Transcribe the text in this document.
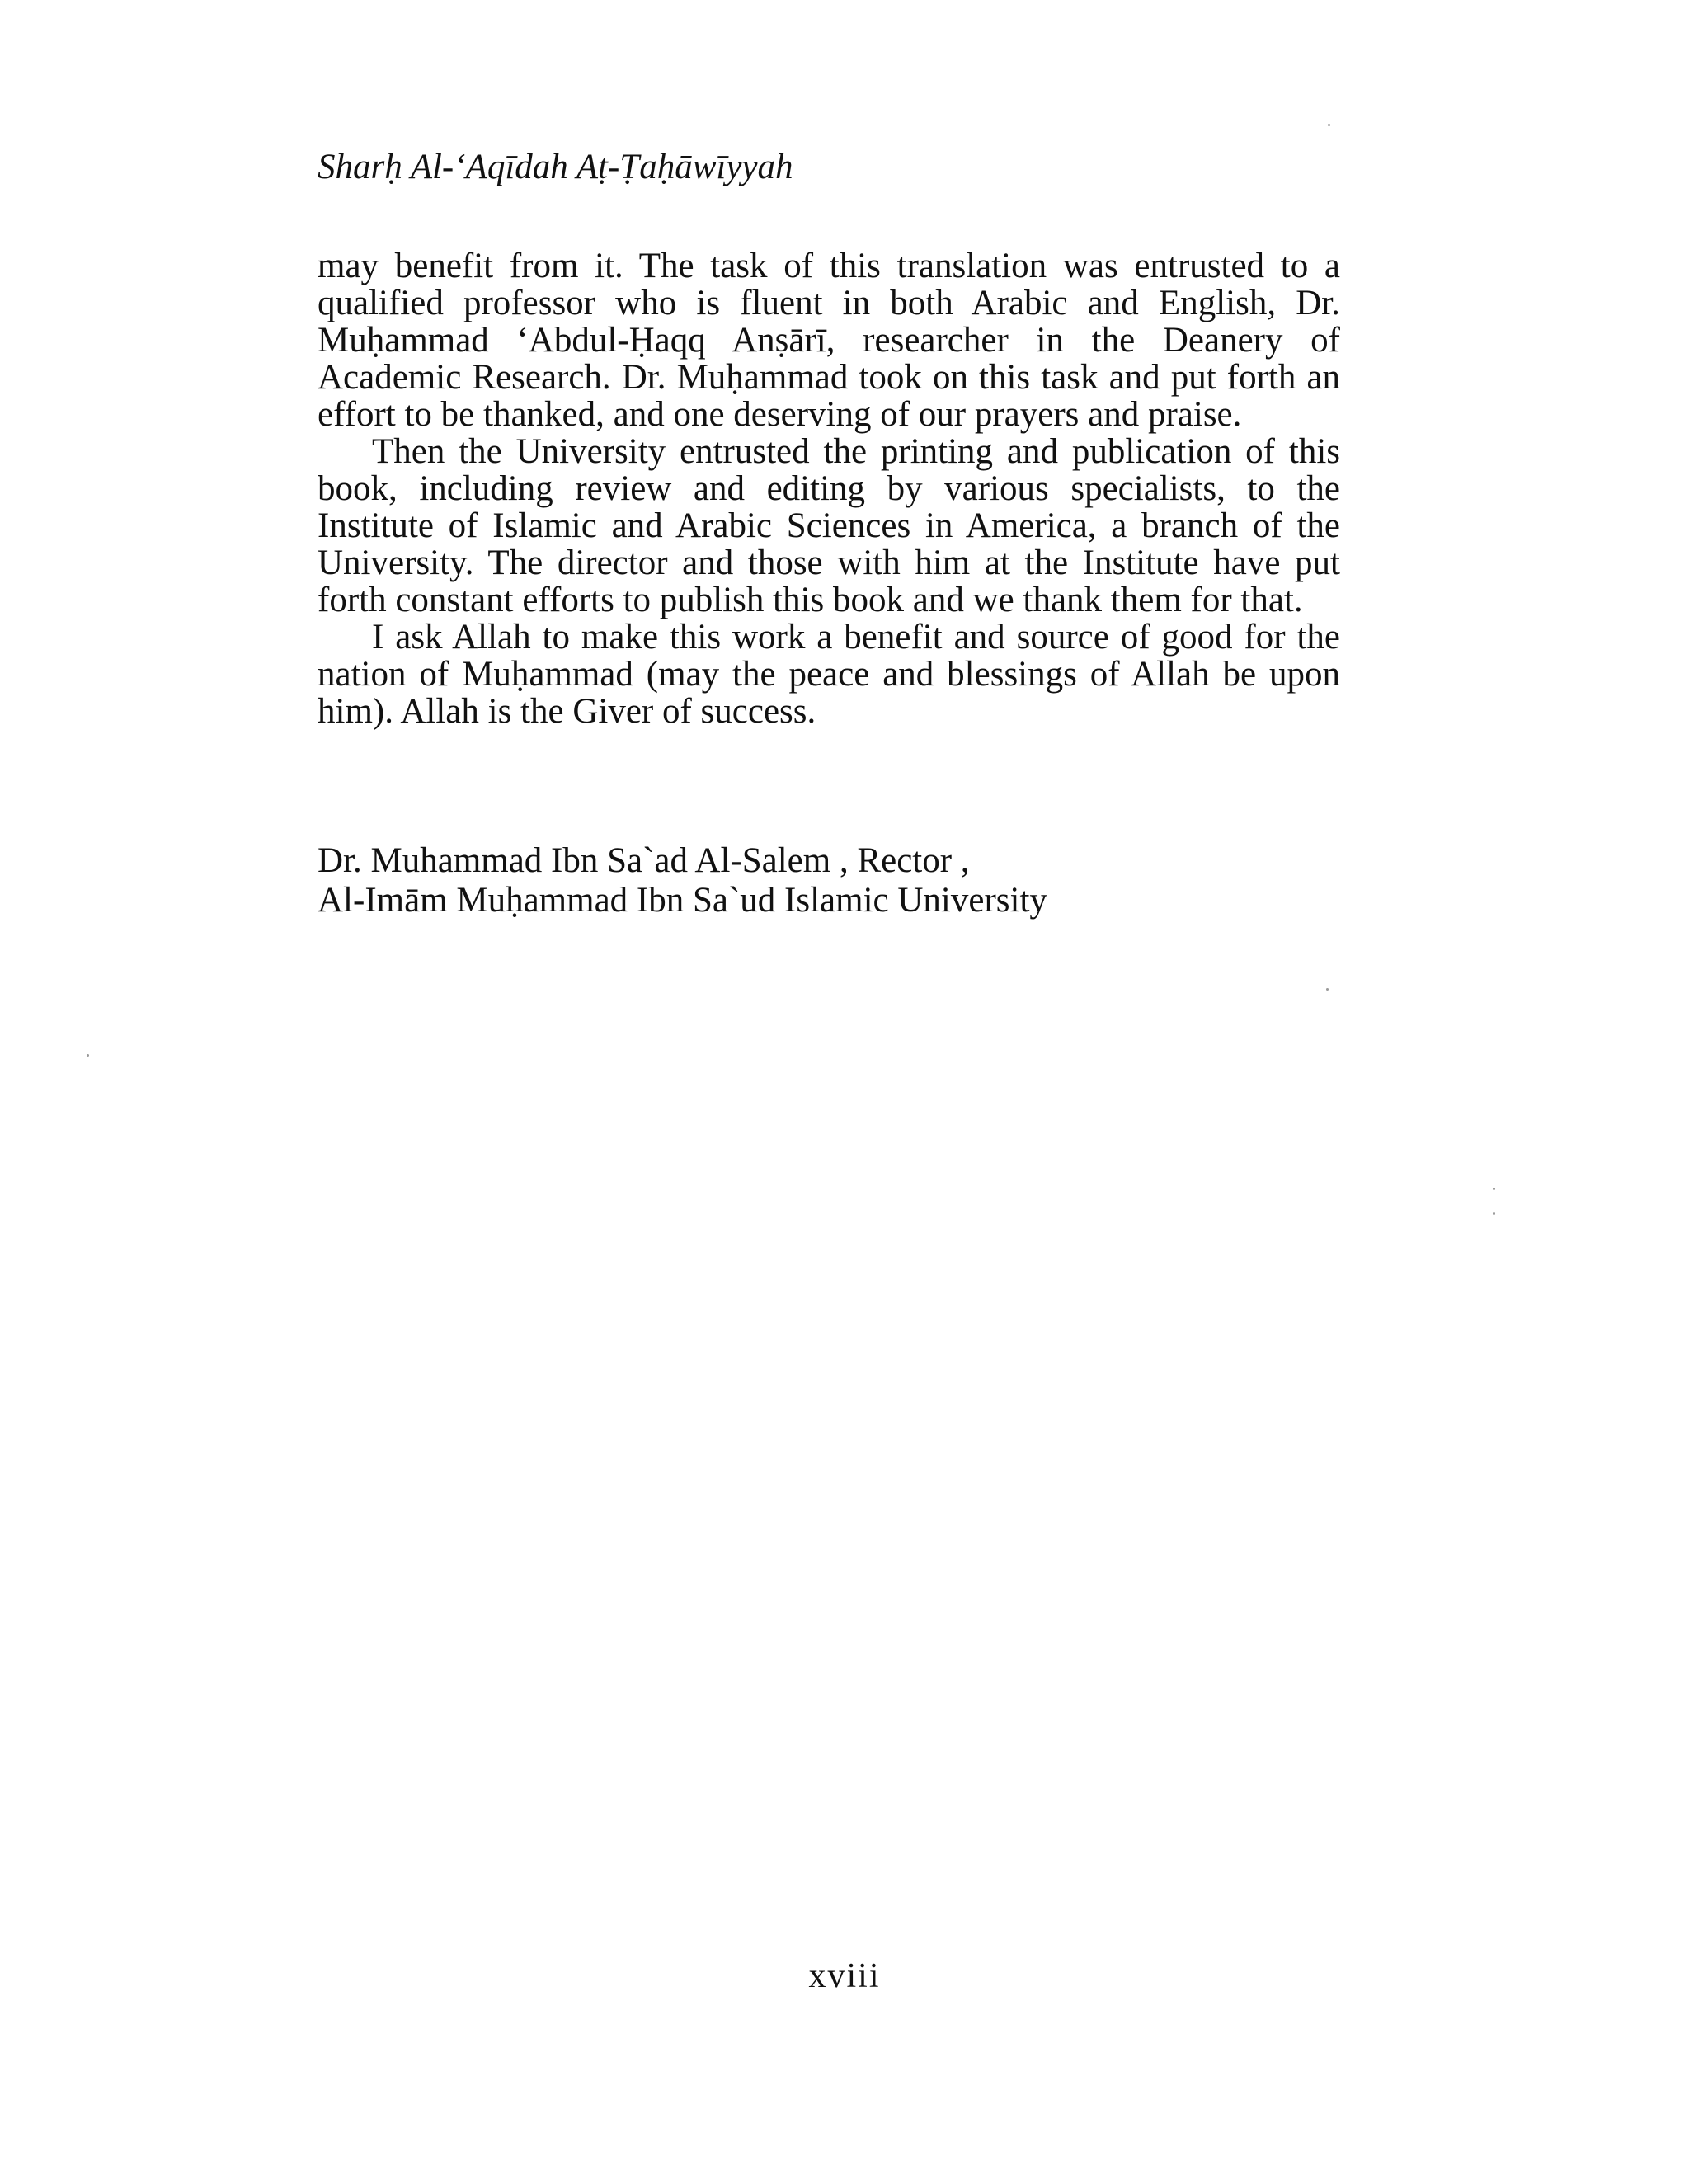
Sharḥ Al-ʻAqīdah Aṭ-Ṭaḥāwīyyah

may benefit from it. The task of this translation was entrusted to a qualified professor who is fluent in both Arabic and English, Dr. Muḥammad ʻAbdul-Ḥaqq Anṣārī, researcher in the Deanery of Academic Research. Dr. Muḥammad took on this task and put forth an effort to be thanked, and one deserving of our prayers and praise.

Then the University entrusted the printing and publication of this book, including review and editing by various specialists, to the Institute of Islamic and Arabic Sciences in America, a branch of the University. The director and those with him at the Institute have put forth constant efforts to publish this book and we thank them for that.

I ask Allah to make this work a benefit and source of good for the nation of Muḥammad (may the peace and blessings of Allah be upon him). Allah is the Giver of success.

Dr. Muhammad Ibn Sa`ad Al-Salem , Rector ,
Al-Imām Muḥammad Ibn Sa`ud Islamic University
xviii
